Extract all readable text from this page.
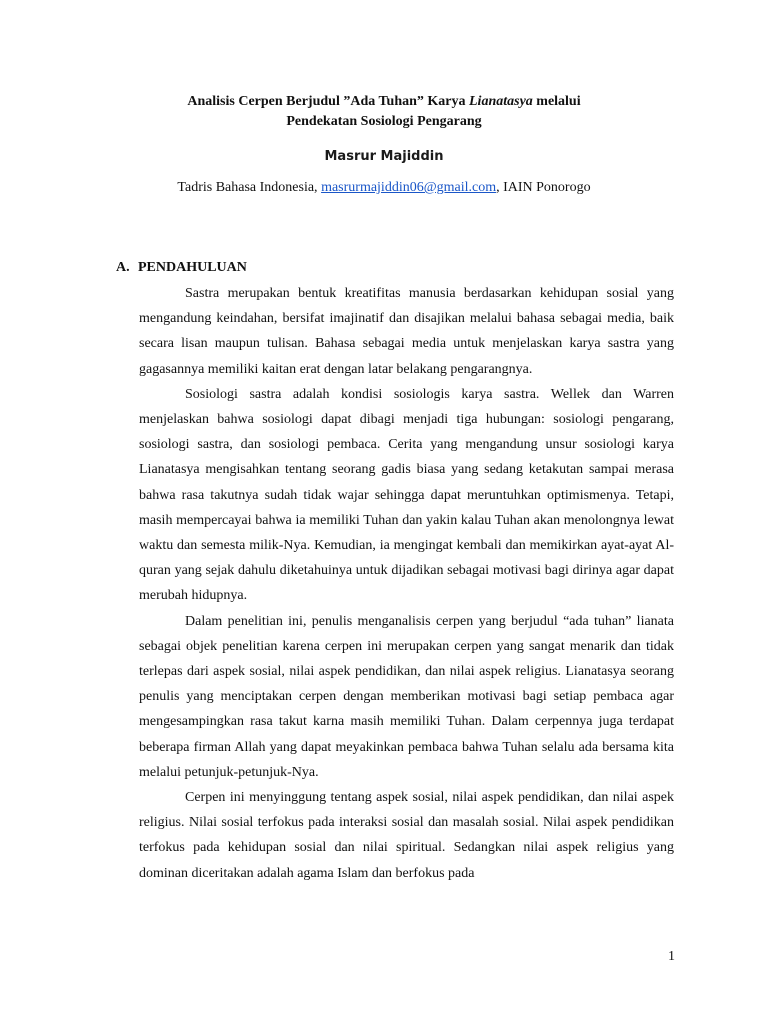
Analisis Cerpen Berjudul ”Ada Tuhan” Karya Lianatasya melalui
Pendekatan Sosiologi Pengarang
Masrur Majiddin
Tadris Bahasa Indonesia, masrurmajiddin06@gmail.com, IAIN Ponorogo
A. PENDAHULUAN

Sastra merupakan bentuk kreatifitas manusia berdasarkan kehidupan sosial yang mengandung keindahan, bersifat imajinatif dan disajikan melalui bahasa sebagai media, baik secara lisan maupun tulisan. Bahasa sebagai media untuk menjelaskan karya sastra yang gagasannya memiliki kaitan erat dengan latar belakang pengarangnya.

Sosiologi sastra adalah kondisi sosiologis karya sastra. Wellek dan Warren menjelaskan bahwa sosiologi dapat dibagi menjadi tiga hubungan: sosiologi pengarang, sosiologi sastra, dan sosiologi pembaca. Cerita yang mengandung unsur sosiologi karya Lianatasya mengisahkan tentang seorang gadis biasa yang sedang ketakutan sampai merasa bahwa rasa takutnya sudah tidak wajar sehingga dapat meruntuhkan optimismenya. Tetapi, masih mempercayai bahwa ia memiliki Tuhan dan yakin kalau Tuhan akan menolongnya lewat waktu dan semesta milik-Nya. Kemudian, ia mengingat kembali dan memikirkan ayat-ayat Al-quran yang sejak dahulu diketahuinya untuk dijadikan sebagai motivasi bagi dirinya agar dapat merubah hidupnya.

Dalam penelitian ini, penulis menganalisis cerpen yang berjudul “ada tuhan” lianata sebagai objek penelitian karena cerpen ini merupakan cerpen yang sangat menarik dan tidak terlepas dari aspek sosial, nilai aspek pendidikan, dan nilai aspek religius. Lianatasya seorang penulis yang menciptakan cerpen dengan memberikan motivasi bagi setiap pembaca agar mengesampingkan rasa takut karna masih memiliki Tuhan. Dalam cerpennya juga terdapat beberapa firman Allah yang dapat meyakinkan pembaca bahwa Tuhan selalu ada bersama kita melalui petunjuk-petunjuk-Nya.

Cerpen ini menyinggung tentang aspek sosial, nilai aspek pendidikan, dan nilai aspek religius. Nilai sosial terfokus pada interaksi sosial dan masalah sosial. Nilai aspek pendidikan terfokus pada kehidupan sosial dan nilai spiritual. Sedangkan nilai aspek religius yang dominan diceritakan adalah agama Islam dan berfokus pada

1
